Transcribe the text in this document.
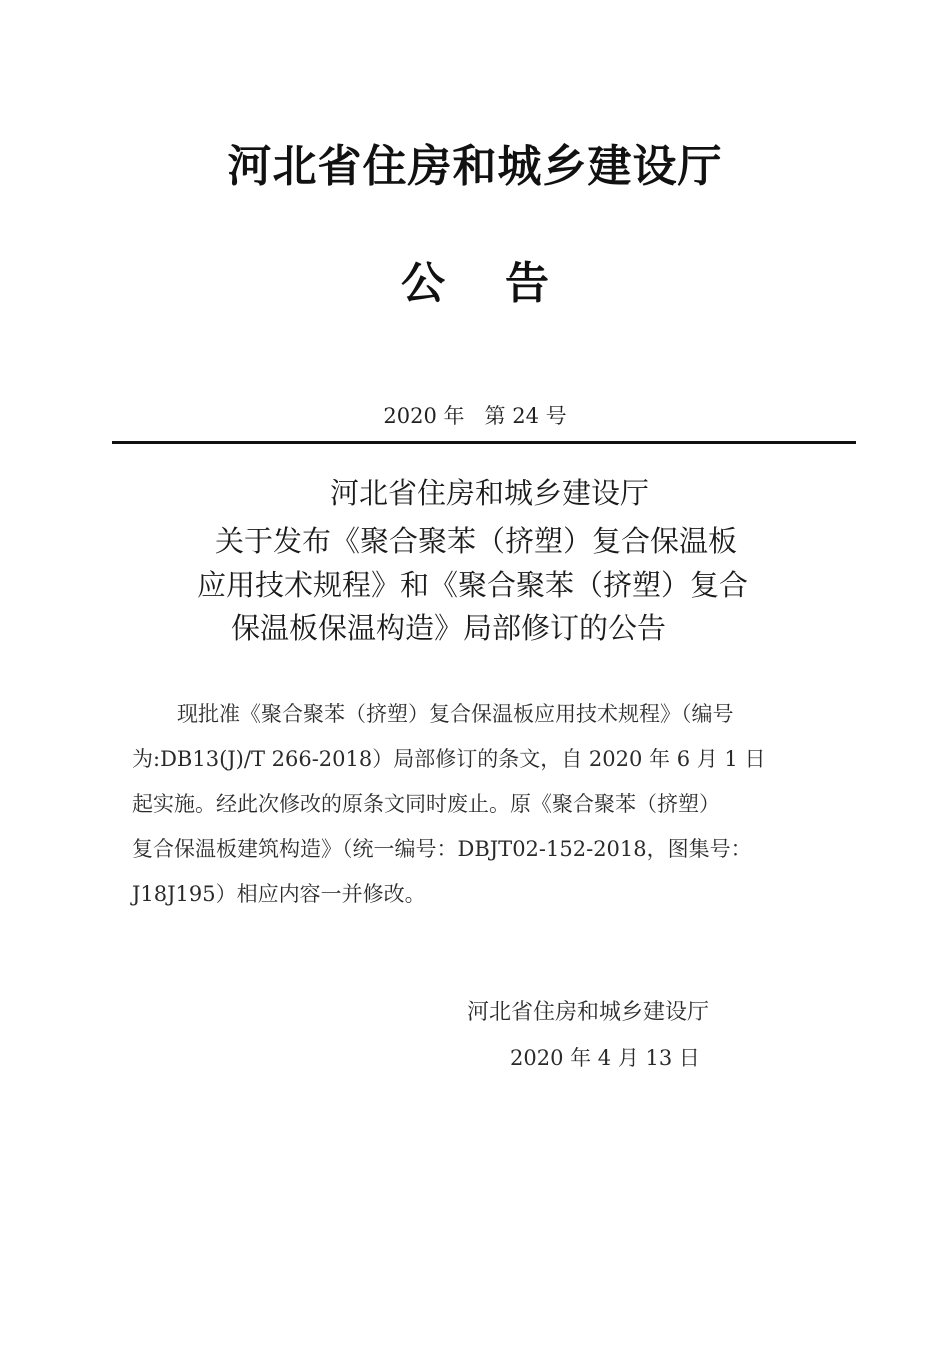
河北省住房和城乡建设厅
公 告
2020 年   第 24 号
河北省住房和城乡建设厅
关于发布《聚合聚苯（挤塑）复合保温板
应用技术规程》和《聚合聚苯（挤塑）复合
保温板保温构造》局部修订的公告
现批准《聚合聚苯（挤塑）复合保温板应用技术规程》（编号
为:DB13(J)/T 266-2018）局部修订的条文，自 2020 年 6 月 1 日
起实施。经此次修改的原条文同时废止。原《聚合聚苯（挤塑）
复合保温板建筑构造》（统一编号：DBJT02-152-2018，图集号：
J18J195）相应内容一并修改。
河北省住房和城乡建设厅
2020 年 4 月 13 日
